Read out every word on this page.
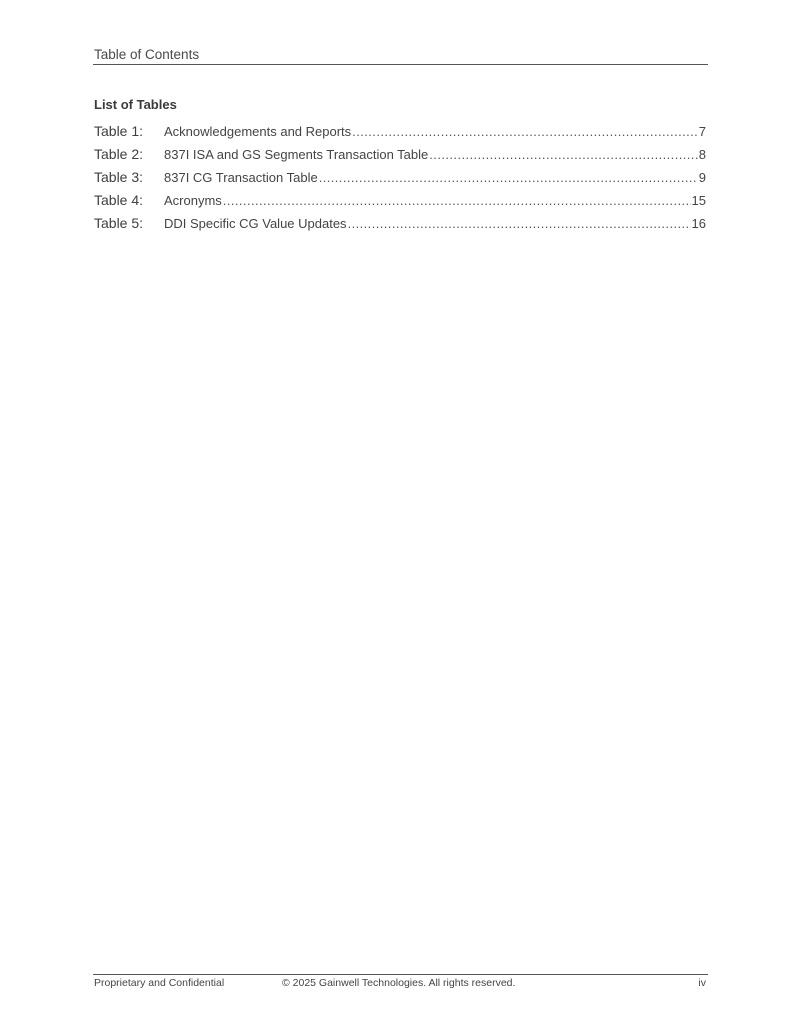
Table of Contents
List of Tables
Table 1:	Acknowledgements and Reports . . .	7
Table 2:	837I ISA and GS Segments Transaction Table . . .	8
Table 3:	837I CG Transaction Table . . .	9
Table 4:	Acronyms . . .	15
Table 5:	DDI Specific CG Value Updates . . .	16
Proprietary and Confidential	© 2025 Gainwell Technologies. All rights reserved.	iv
